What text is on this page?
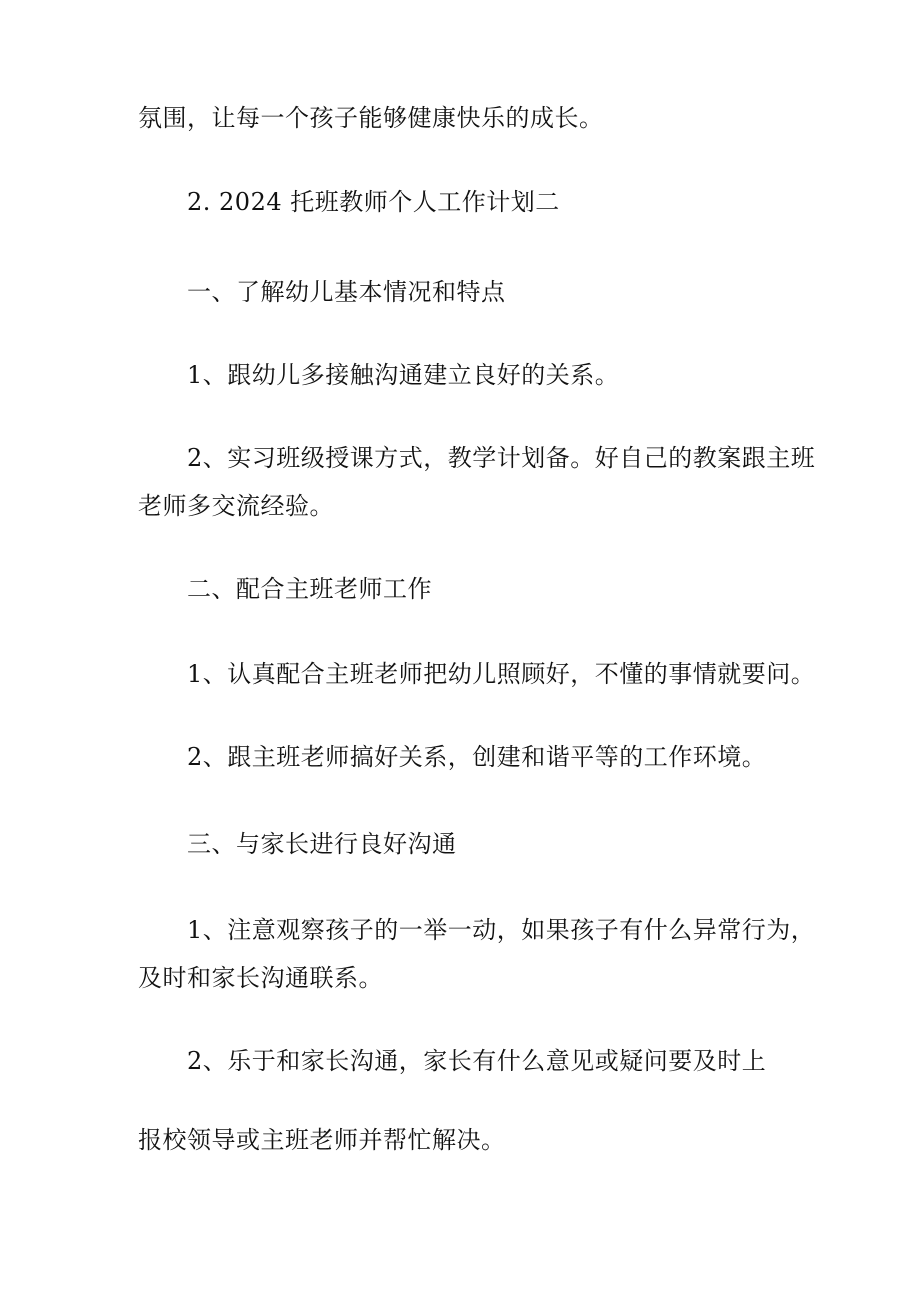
氛围，让每一个孩子能够健康快乐的成长。
2. 2024 托班教师个人工作计划二
一、了解幼儿基本情况和特点
1、跟幼儿多接触沟通建立良好的关系。
2、实习班级授课方式，教学计划备。好自己的教案跟主班
老师多交流经验。
二、配合主班老师工作
1、认真配合主班老师把幼儿照顾好，不懂的事情就要问。
2、跟主班老师搞好关系，创建和谐平等的工作环境。
三、与家长进行良好沟通
1、注意观察孩子的一举一动，如果孩子有什么异常行为，
及时和家长沟通联系。
2、乐于和家长沟通，家长有什么意见或疑问要及时上
报校领导或主班老师并帮忙解决。
